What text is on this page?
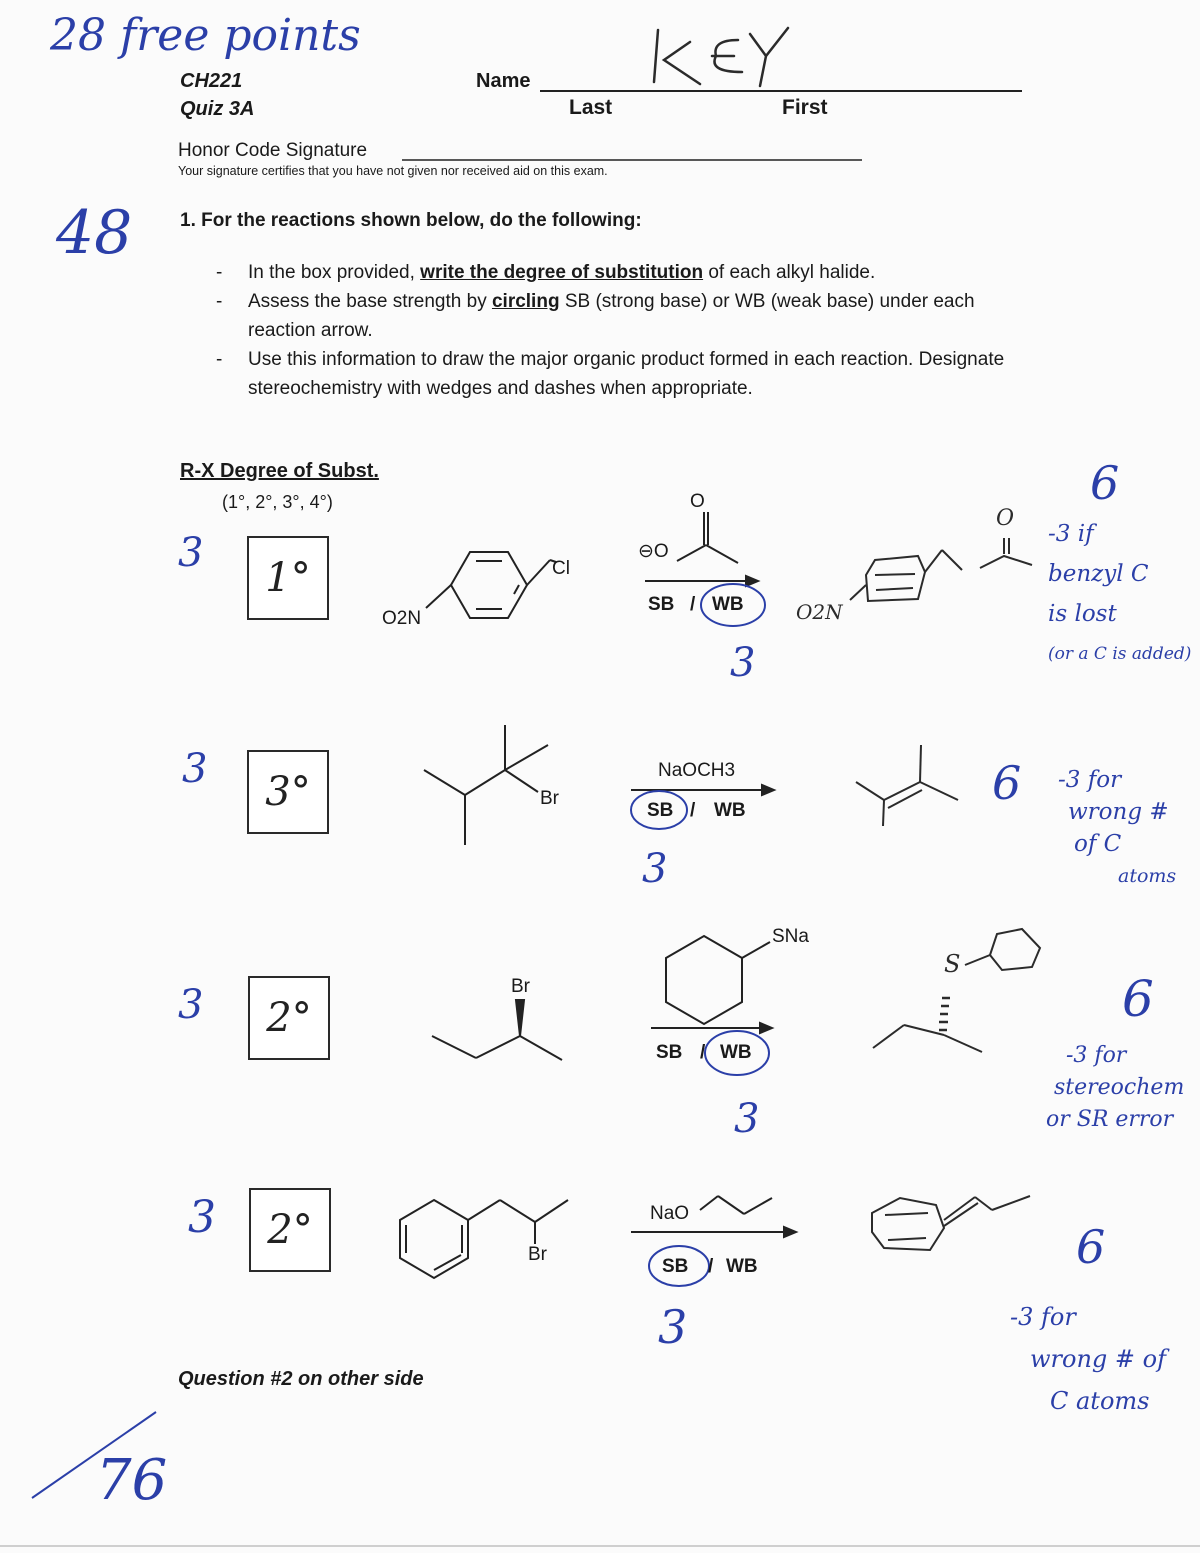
28 free points
48
76
CH221
Quiz 3A
Name
Last	First
Honor Code Signature
Your signature certifies that you have not given nor received aid on this exam.
1. For the reactions shown below, do the following:
- In the box provided, write the degree of substitution of each alkyl halide.
- Assess the base strength by circling SB (strong base) or WB (weak base) under each reaction arrow.
- Use this information to draw the major organic product formed in each reaction. Designate stereochemistry with wedges and dashes when appropriate.
R-X Degree of Subst.
(1°, 2°, 3°, 4°)
3
1°	Cl
O2N
O
⊖O
SB / WB
3
O2N
O
6
-3 if
benzyl C
is lost
(or a C is added)
3	3°	Br
NaOCH3
SB / WB
3
6 -3 for
wrong #
of C
atoms
3	2°
Br
SNa
SB / WB
3
S
6
-3 for
stereochem
or SR error
3	2°
Br
NaO
SB / WB
3
6
-3 for
wrong # of
C atoms
Question #2 on other side
